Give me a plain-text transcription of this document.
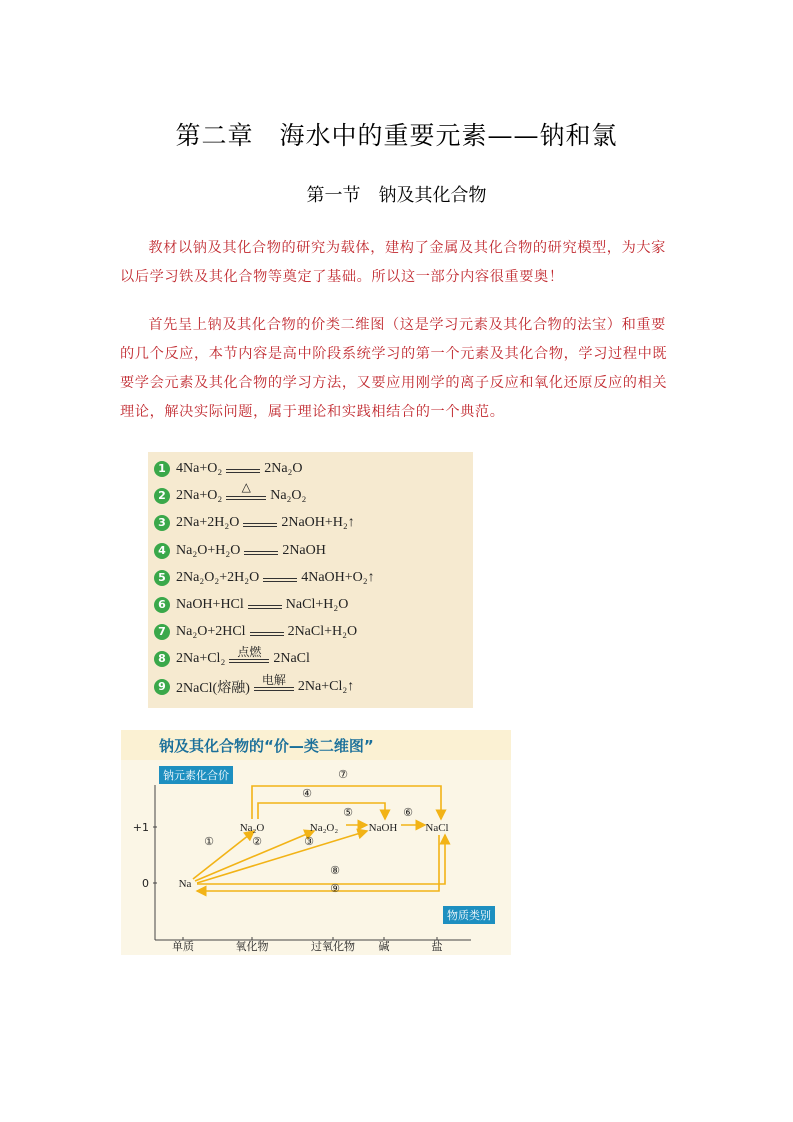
第二章　海水中的重要元素——钠和氯
第一节　钠及其化合物
教材以钠及其化合物的研究为载体，建构了金属及其化合物的研究模型，为大家以后学习铁及其化合物等奠定了基础。所以这一部分内容很重要奥！
首先呈上钠及其化合物的价类二维图（这是学习元素及其化合物的法宝）和重要的几个反应，本节内容是高中阶段系统学习的第一个元素及其化合物，学习过程中既要学会元素及其化合物的学习方法，又要应用刚学的离子反应和氧化还原反应的相关理论，解决实际问题，属于理论和实践相结合的一个典范。
1 4Na+O₂	2Na₂O
2 2Na+O₂
△
Na₂O₂
3 2Na+2H₂O	2NaOH+H₂ ↑
4 Na₂O+H₂O	2NaOH
5 2Na₂O₂+2H₂O	4NaOH+O₂ ↑
6 NaOH+HCl	NaCl+H₂O
7 Na₂O+2HCl	2NaCl+H₂O
8 2Na+Cl₂ 点燃 2NaCl
9 2NaCl(熔融)
电解 2Na+Cl₂ ↑
钠及其化合物的“价—类二维图”
0
+1
单质	氧化物	过氧化物 碱	盐
①	②	③
④
⑤	⑥
⑦
⑧
⑨
Na
Na₂O	Na₂O₂	NaOH	NaCl
钠元素化合价
物质类别
